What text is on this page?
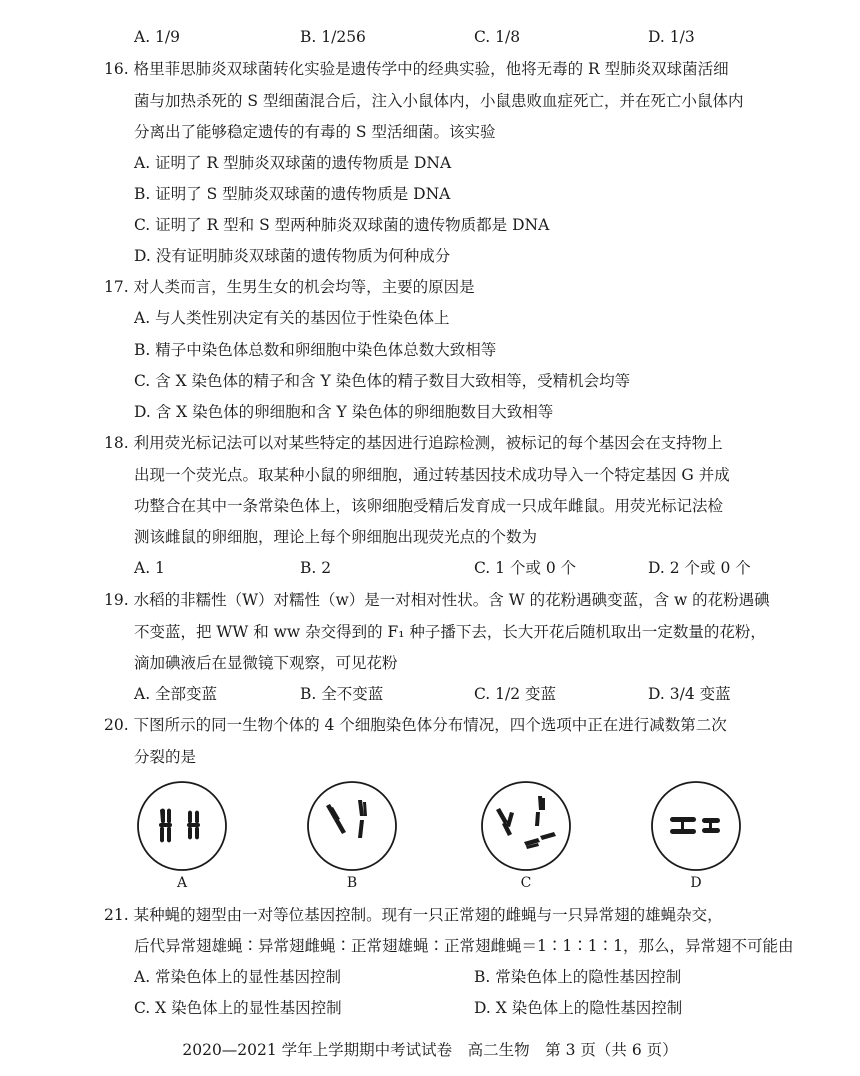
A. 1/9	B. 1/256	C. 1/8	D. 1/3
16. 格里菲思肺炎双球菌转化实验是遗传学中的经典实验，他将无毒的 R 型肺炎双球菌活细
菌与加热杀死的 S 型细菌混合后，注入小鼠体内，小鼠患败血症死亡，并在死亡小鼠体内
分离出了能够稳定遗传的有毒的 S 型活细菌。该实验
A. 证明了 R 型肺炎双球菌的遗传物质是 DNA
B. 证明了 S 型肺炎双球菌的遗传物质是 DNA
C. 证明了 R 型和 S 型两种肺炎双球菌的遗传物质都是 DNA
D. 没有证明肺炎双球菌的遗传物质为何种成分
17. 对人类而言，生男生女的机会均等，主要的原因是
A. 与人类性别决定有关的基因位于性染色体上
B. 精子中染色体总数和卵细胞中染色体总数大致相等
C. 含 X 染色体的精子和含 Y 染色体的精子数目大致相等，受精机会均等
D. 含 X 染色体的卵细胞和含 Y 染色体的卵细胞数目大致相等
18. 利用荧光标记法可以对某些特定的基因进行追踪检测，被标记的每个基因会在支持物上
出现一个荧光点。取某种小鼠的卵细胞，通过转基因技术成功导入一个特定基因 G 并成
功整合在其中一条常染色体上，该卵细胞受精后发育成一只成年雌鼠。用荧光标记法检
测该雌鼠的卵细胞，理论上每个卵细胞出现荧光点的个数为
A. 1	B. 2	C. 1 个或 0 个	D. 2 个或 0 个
19. 水稻的非糯性（W）对糯性（w）是一对相对性状。含 W 的花粉遇碘变蓝，含 w 的花粉遇碘
不变蓝，把 WW 和 ww 杂交得到的 F₁ 种子播下去，长大开花后随机取出一定数量的花粉，
滴加碘液后在显微镜下观察，可见花粉
A. 全部变蓝	B. 全不变蓝	C. 1/2 变蓝	D. 3/4 变蓝
20. 下图所示的同一生物个体的 4 个细胞染色体分布情况，四个选项中正在进行减数第二次
分裂的是
A	B	C	D
21. 某种蝇的翅型由一对等位基因控制。现有一只正常翅的雌蝇与一只异常翅的雄蝇杂交，
后代异常翅雄蝇∶异常翅雌蝇∶正常翅雄蝇∶正常翅雌蝇＝1∶1∶1∶1，那么，异常翅不可能由
A. 常染色体上的显性基因控制	B. 常染色体上的隐性基因控制
C. X 染色体上的显性基因控制	D. X 染色体上的隐性基因控制
2020—2021 学年上学期期中考试试卷　高二生物　第 3 页（共 6 页）
